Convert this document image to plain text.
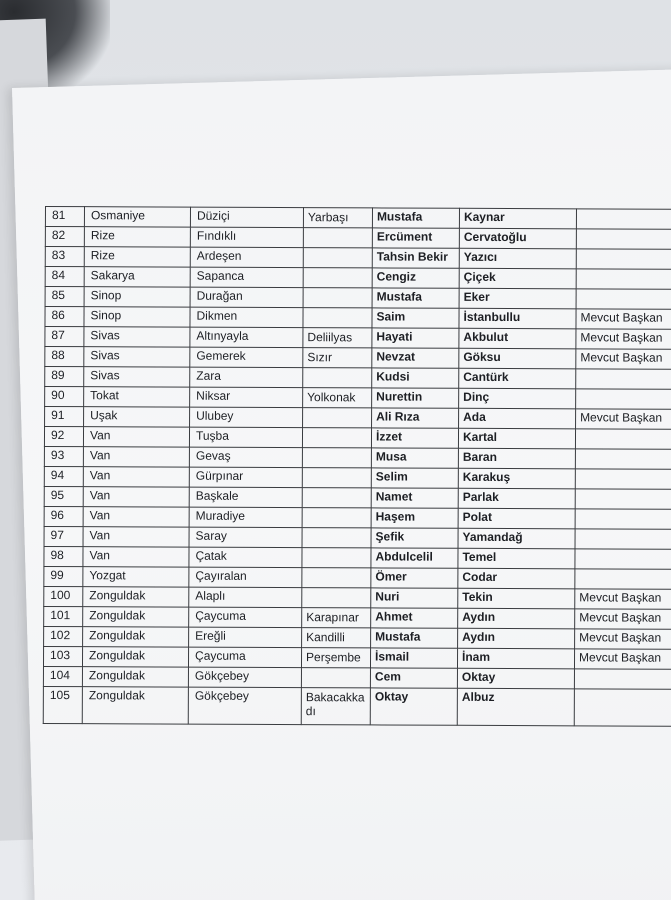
81	Osmaniye	Düziçi	Yarbaşı	Mustafa	Kaynar	
82	Rize	Fındıklı		Ercüment	Cervatoğlu	
83	Rize	Ardeşen		Tahsin Bekir	Yazıcı	
84	Sakarya	Sapanca		Cengiz	Çiçek	
85	Sinop	Durağan		Mustafa	Eker	
86	Sinop	Dikmen		Saim	İstanbullu	Mevcut Başkan
87	Sivas	Altınyayla	Deliilyas	Hayati	Akbulut	Mevcut Başkan
88	Sivas	Gemerek	Sızır	Nevzat	Göksu	Mevcut Başkan
89	Sivas	Zara		Kudsi	Cantürk	
90	Tokat	Niksar	Yolkonak	Nurettin	Dinç	
91	Uşak	Ulubey		Ali Rıza	Ada	Mevcut Başkan
92	Van	Tuşba		İzzet	Kartal	
93	Van	Gevaş		Musa	Baran	
94	Van	Gürpınar		Selim	Karakuş	
95	Van	Başkale		Namet	Parlak	
96	Van	Muradiye		Haşem	Polat	
97	Van	Saray		Şefik	Yamandağ	
98	Van	Çatak		Abdulcelil	Temel	
99	Yozgat	Çayıralan		Ömer	Codar	
100	Zonguldak	Alaplı		Nuri	Tekin	Mevcut Başkan
101	Zonguldak	Çaycuma	Karapınar	Ahmet	Aydın	Mevcut Başkan
102	Zonguldak	Ereğli	Kandilli	Mustafa	Aydın	Mevcut Başkan
103	Zonguldak	Çaycuma	Perşembe	İsmail	İnam	Mevcut Başkan
104	Zonguldak	Gökçebey		Cem	Oktay	
105	Zonguldak	Gökçebey	Bakacakkadı	Oktay	Albuz	
